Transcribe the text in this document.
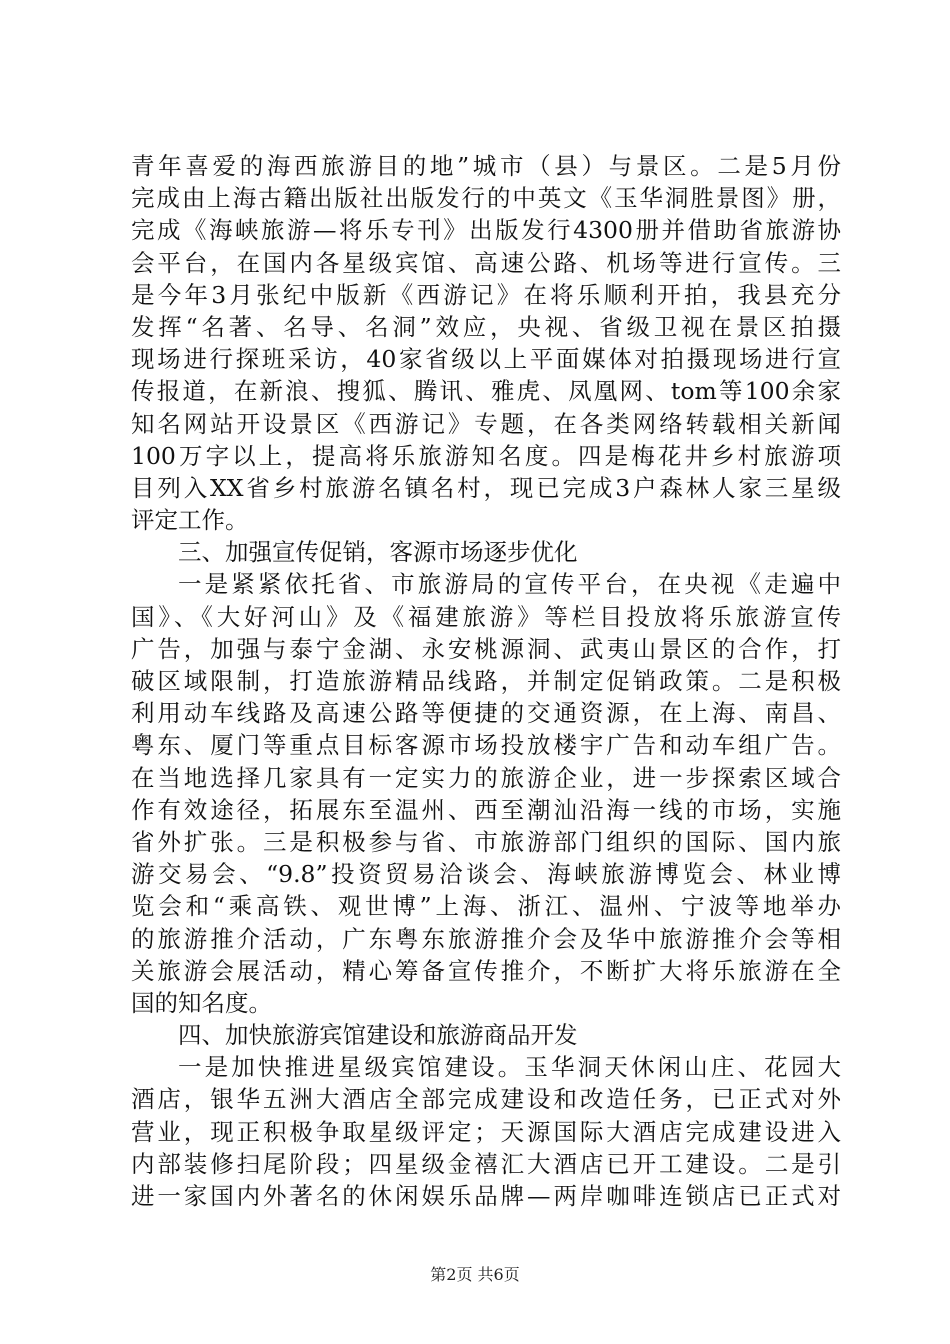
青年喜爱的海西旅游目的地”城市（县）与景区。二是5月份
完成由上海古籍出版社出版发行的中英文《玉华洞胜景图》册，
完成《海峡旅游—将乐专刊》出版发行4300册并借助省旅游协
会平台，在国内各星级宾馆、高速公路、机场等进行宣传。三
是今年3月张纪中版新《西游记》在将乐顺利开拍，我县充分
发挥“名著、名导、名洞”效应，央视、省级卫视在景区拍摄
现场进行探班采访，40家省级以上平面媒体对拍摄现场进行宣
传报道，在新浪、搜狐、腾讯、雅虎、凤凰网、tom等100余家
知名网站开设景区《西游记》专题，在各类网络转载相关新闻
100万字以上，提高将乐旅游知名度。四是梅花井乡村旅游项
目列入XX省乡村旅游名镇名村，现已完成3户森林人家三星级
评定工作。
三、加强宣传促销，客源市场逐步优化
一是紧紧依托省、市旅游局的宣传平台，在央视《走遍中
国》、《大好河山》及《福建旅游》等栏目投放将乐旅游宣传
广告，加强与泰宁金湖、永安桃源洞、武夷山景区的合作，打
破区域限制，打造旅游精品线路，并制定促销政策。二是积极
利用动车线路及高速公路等便捷的交通资源，在上海、南昌、
粤东、厦门等重点目标客源市场投放楼宇广告和动车组广告。
在当地选择几家具有一定实力的旅游企业，进一步探索区域合
作有效途径，拓展东至温州、西至潮汕沿海一线的市场，实施
省外扩张。三是积极参与省、市旅游部门组织的国际、国内旅
游交易会、“9.8”投资贸易洽谈会、海峡旅游博览会、林业博
览会和“乘高铁、观世博”上海、浙江、温州、宁波等地举办
的旅游推介活动，广东粤东旅游推介会及华中旅游推介会等相
关旅游会展活动，精心筹备宣传推介，不断扩大将乐旅游在全
国的知名度。
四、加快旅游宾馆建设和旅游商品开发
一是加快推进星级宾馆建设。玉华洞天休闲山庄、花园大
酒店，银华五洲大酒店全部完成建设和改造任务，已正式对外
营业，现正积极争取星级评定；天源国际大酒店完成建设进入
内部装修扫尾阶段；四星级金禧汇大酒店已开工建设。二是引
进一家国内外著名的休闲娱乐品牌—两岸咖啡连锁店已正式对
第2页 共6页
